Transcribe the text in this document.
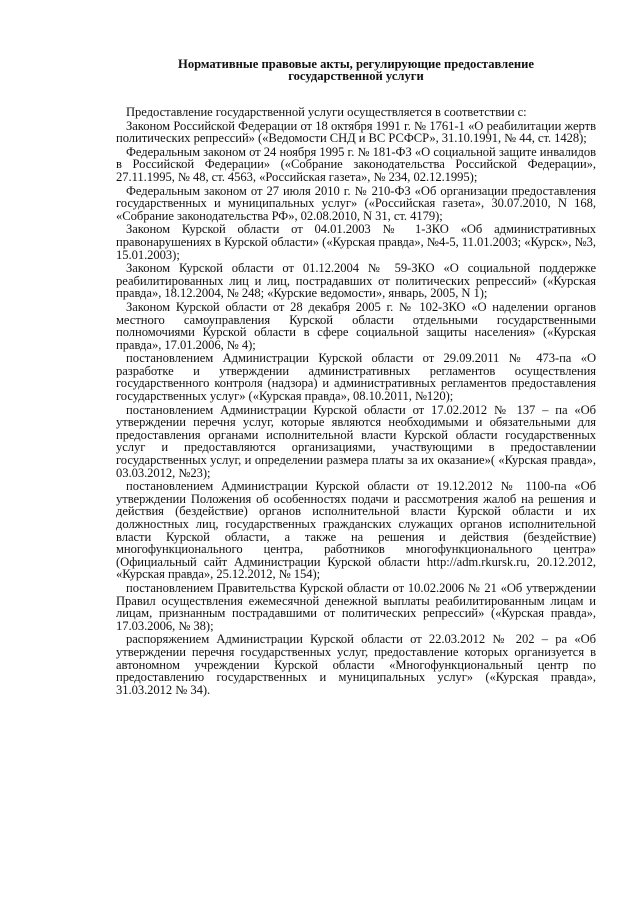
Нормативные правовые акты, регулирующие предоставление
государственной услуги

Предоставление государственной услуги осуществляется в соответствии с:

Законом Российской Федерации от 18 октября 1991 г. № 1761-1 «О реабилитации жертв политических репрессий» («Ведомости СНД и ВС РСФСР», 31.10.1991, № 44, ст. 1428);

Федеральным законом от 24 ноября 1995 г. № 181-ФЗ «О социальной защите инвалидов в Российской Федерации» («Собрание законодательства Российской Федерации», 27.11.1995, № 48, ст. 4563, «Российская газета», № 234, 02.12.1995);

Федеральным законом от 27 июля 2010 г. № 210-ФЗ «Об организации предоставления государственных и муниципальных услуг» («Российская газета», 30.07.2010, N 168, «Собрание законодательства РФ», 02.08.2010, N 31, ст. 4179);

Законом Курской области от 04.01.2003 № 1-ЗКО «Об административных правонарушениях в Курской области» («Курская правда», №4-5, 11.01.2003; «Курск», №3, 15.01.2003);

Законом Курской области от 01.12.2004 № 59-ЗКО «О социальной поддержке реабилитированных лиц и лиц, пострадавших от политических репрессий» («Курская правда», 18.12.2004, № 248; «Курские ведомости», январь, 2005, N 1);

Законом Курской области от 28 декабря 2005 г. № 102-ЗКО «О наделении органов местного самоуправления Курской области отдельными государственными полномочиями Курской области в сфере социальной защиты населения» («Курская правда», 17.01.2006, № 4);

постановлением Администрации Курской области от 29.09.2011 № 473-па «О разработке и утверждении административных регламентов осуществления государственного контроля (надзора) и административных регламентов предоставления государственных услуг» («Курская правда», 08.10.2011, №120);

постановлением Администрации Курской области от 17.02.2012 № 137 – па «Об утверждении перечня услуг, которые являются необходимыми и обязательными для предоставления органами исполнительной власти Курской области государственных услуг и предоставляются организациями, участвующими в предоставлении государственных услуг, и определении размера платы за их оказание»( «Курская правда», 03.03.2012, №23);

постановлением Администрации Курской области от 19.12.2012 № 1100-па «Об утверждении Положения об особенностях подачи и рассмотрения жалоб на решения и действия (бездействие) органов исполнительной власти Курской области и их должностных лиц, государственных гражданских служащих органов исполнительной власти Курской области, а также на решения и действия (бездействие) многофункционального центра, работников многофункционального центра» (Официальный сайт Администрации Курской области http://adm.rkursk.ru, 20.12.2012, «Курская правда», 25.12.2012, № 154);

постановлением Правительства Курской области от 10.02.2006 № 21 «Об утверждении Правил осуществления ежемесячной денежной выплаты реабилитированным лицам и лицам, признанным пострадавшими от политических репрессий» («Курская правда», 17.03.2006, № 38);

распоряжением Администрации Курской области от 22.03.2012 № 202 – ра «Об утверждении перечня государственных услуг, предоставление которых организуется в автономном учреждении Курской области «Многофункциональный центр по предоставлению государственных и муниципальных услуг» («Курская правда», 31.03.2012 № 34).
